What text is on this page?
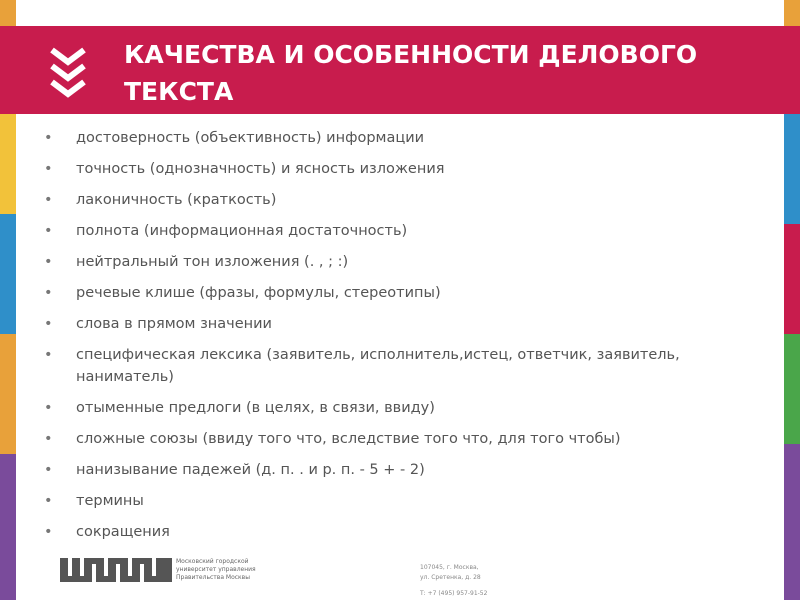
КАЧЕСТВА И ОСОБЕННОСТИ ДЕЛОВОГО ТЕКСТА
• достоверность (объективность) информации
• точность (однозначность) и ясность изложения
• лаконичность (краткость)
• полнота (информационная достаточность)
• нейтральный тон изложения (. , ; :)
• речевые клише (фразы, формулы, стереотипы)
• слова в прямом значении
• специфическая лексика (заявитель, исполнитель,истец, ответчик, заявитель, наниматель)
• отыменные предлоги (в целях, в связи, ввиду)
• сложные союзы (ввиду того что, вследствие того что, для того чтобы)
• нанизывание падежей (д. п. . и р. п. - 5 + - 2)
• термины
• сокращения
Московский городской
университет управления
Правительства Москвы
107045, г. Москва,
ул. Сретенка, д. 28
Т: +7 (495) 957-91-52
